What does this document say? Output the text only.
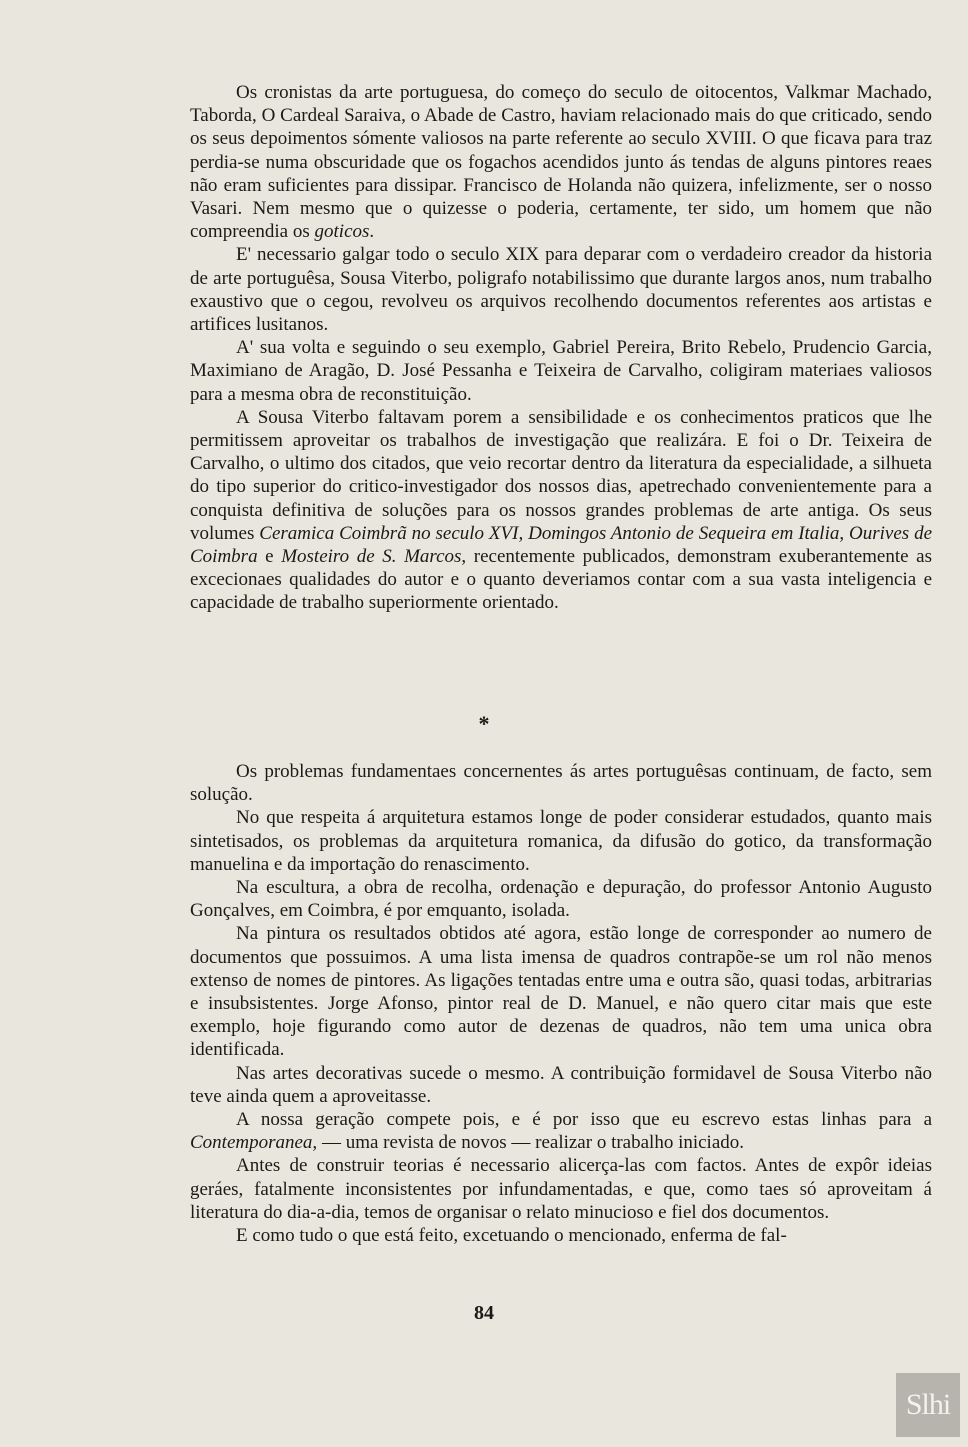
Os cronistas da arte portuguesa, do começo do seculo de oitocentos, Valkmar Machado, Taborda, O Cardeal Saraiva, o Abade de Castro, haviam relacionado mais do que criticado, sendo os seus depoimentos sómente valiosos na parte referente ao seculo XVIII. O que ficava para traz perdia-se numa obscuridade que os fogachos acendidos junto ás tendas de alguns pintores reaes não eram suficientes para dissipar. Francisco de Holanda não quizera, infelizmente, ser o nosso Vasari. Nem mesmo que o quizesse o poderia, certamente, ter sido, um homem que não compreendia os goticos.

E' necessario galgar todo o seculo XIX para deparar com o verdadeiro creador da historia de arte portuguêsa, Sousa Viterbo, poligrafo notabilissimo que durante largos anos, num trabalho exaustivo que o cegou, revolveu os arquivos recolhendo documentos referentes aos artistas e artifices lusitanos.

A' sua volta e seguindo o seu exemplo, Gabriel Pereira, Brito Rebelo, Prudencio Garcia, Maximiano de Aragão, D. José Pessanha e Teixeira de Carvalho, coligiram materiaes valiosos para a mesma obra de reconstituição.

A Sousa Viterbo faltavam porem a sensibilidade e os conhecimentos praticos que lhe permitissem aproveitar os trabalhos de investigação que realizára. E foi o Dr. Teixeira de Carvalho, o ultimo dos citados, que veio recortar dentro da literatura da especialidade, a silhueta do tipo superior do critico-investigador dos nossos dias, apetrechado convenientemente para a conquista definitiva de soluções para os nossos grandes problemas de arte antiga. Os seus volumes Ceramica Coimbrã no seculo XVI, Domingos Antonio de Sequeira em Italia, Ourives de Coimbra e Mosteiro de S. Marcos, recentemente publicados, demonstram exuberantemente as excecionaes qualidades do autor e o quanto deveriamos contar com a sua vasta inteligencia e capacidade de trabalho superiormente orientado.

*

Os problemas fundamentaes concernentes ás artes portuguêsas continuam, de facto, sem solução.

No que respeita á arquitetura estamos longe de poder considerar estudados, quanto mais sintetisados, os problemas da arquitetura romanica, da difusão do gotico, da transformação manuelina e da importação do renascimento.

Na escultura, a obra de recolha, ordenação e depuração, do professor Antonio Augusto Gonçalves, em Coimbra, é por emquanto, isolada.

Na pintura os resultados obtidos até agora, estão longe de corresponder ao numero de documentos que possuimos. A uma lista imensa de quadros contrapõe-se um rol não menos extenso de nomes de pintores. As ligações tentadas entre uma e outra são, quasi todas, arbitrarias e insubsistentes. Jorge Afonso, pintor real de D. Manuel, e não quero citar mais que este exemplo, hoje figurando como autor de dezenas de quadros, não tem uma unica obra identificada.

Nas artes decorativas sucede o mesmo. A contribuição formidavel de Sousa Viterbo não teve ainda quem a aproveitasse.

A nossa geração compete pois, e é por isso que eu escrevo estas linhas para a Contemporanea, — uma revista de novos — realizar o trabalho iniciado.

Antes de construir teorias é necessario alicerça-las com factos. Antes de expôr ideias geráes, fatalmente inconsistentes por infundamentadas, e que, como taes só aproveitam á literatura do dia-a-dia, temos de organisar o relato minucioso e fiel dos documentos.

E como tudo o que está feito, excetuando o mencionado, enferma de fal-

84
Slhi
